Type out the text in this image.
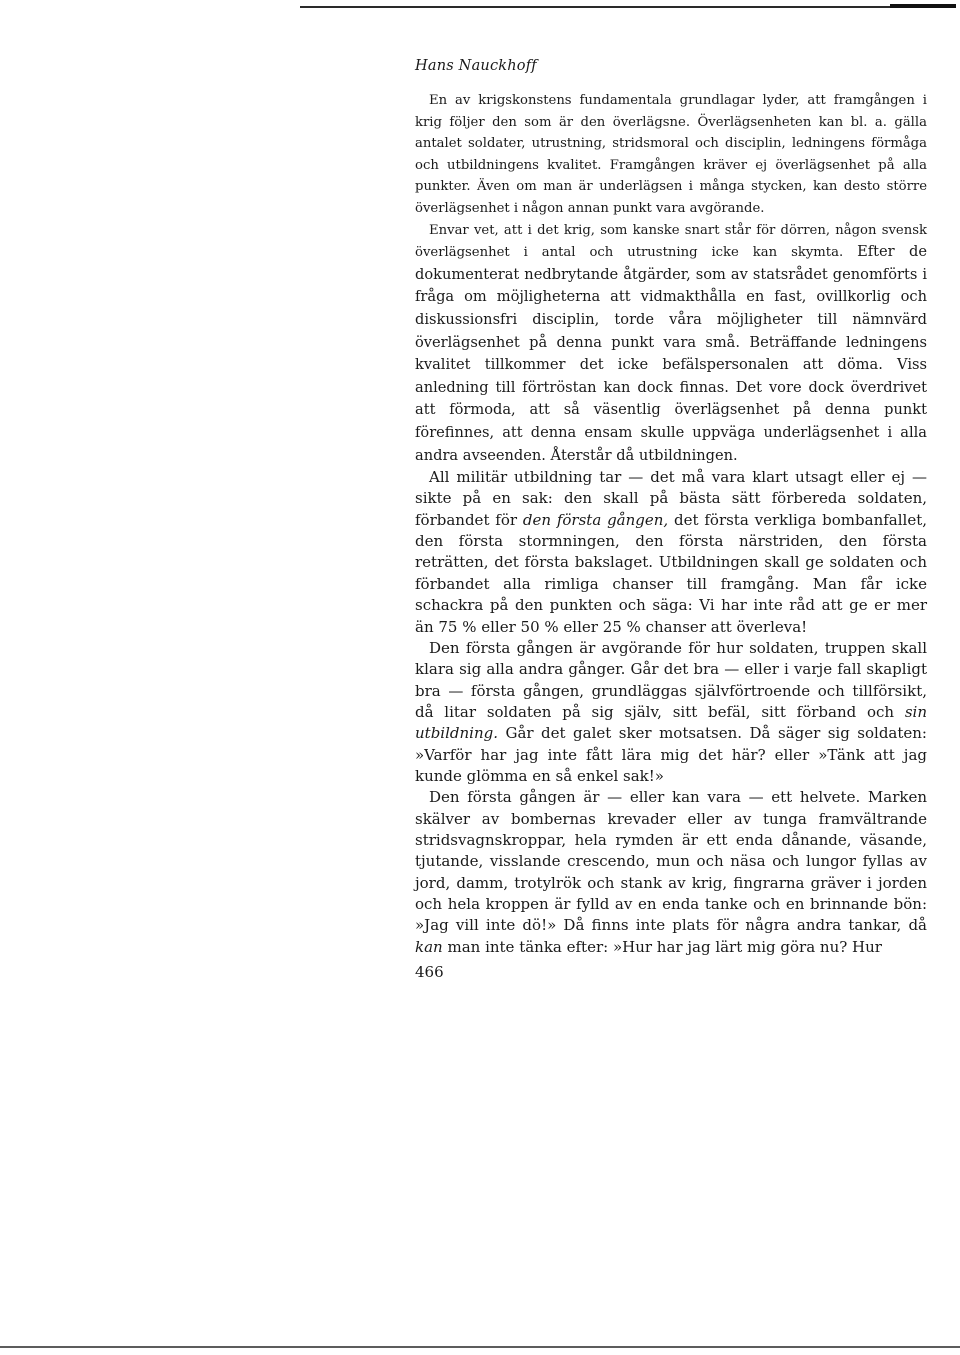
Hans Nauckhoff

En av krigskonstens fundamentala grundlagar lyder, att framgången i krig följer den som är den överlägsne. Överlägsenheten kan bl. a. gälla antalet soldater, utrustning, stridsmoral och disciplin, ledningens förmåga och utbildningens kvalitet. Framgången kräver ej överlägsenhet på alla punkter. Även om man är underlägsen i många stycken, kan desto större överlägsenhet i någon annan punkt vara avgörande.

Envar vet, att i det krig, som kanske snart står för dörren, någon svensk överlägsenhet i antal och utrustning icke kan skymta. Efter de dokumenterat nedbrytande åtgärder, som av statsrådet genomförts i fråga om möjligheterna att vidmakthålla en fast, ovillkorlig och diskussionsfri disciplin, torde våra möjligheter till nämnvärd överlägsenhet på denna punkt vara små. Beträffande ledningens kvalitet tillkommer det icke befälspersonalen att döma. Viss anledning till förtröstan kan dock finnas. Det vore dock överdrivet att förmoda, att så väsentlig överlägsenhet på denna punkt förefinnes, att denna ensam skulle uppväga underlägsenhet i alla andra avseenden. Återstår då utbildningen.

All militär utbildning tar — det må vara klart utsagt eller ej — sikte på en sak: den skall på bästa sätt förbereda soldaten, förbandet för den första gången, det första verkliga bombanfallet, den första stormningen, den första närstriden, den första reträtten, det första bakslaget. Utbildningen skall ge soldaten och förbandet alla rimliga chanser till framgång. Man får icke schackra på den punkten och säga: Vi har inte råd att ge er mer än 75 % eller 50 % eller 25 % chanser att överleva!

Den första gången är avgörande för hur soldaten, truppen skall klara sig alla andra gånger. Går det bra — eller i varje fall skapligt bra — första gången, grundläggas självförtroende och tillförsikt, då litar soldaten på sig själv, sitt befäl, sitt förband och sin utbildning. Går det galet sker motsatsen. Då säger sig soldaten: »Varför har jag inte fått lära mig det här? eller »Tänk att jag kunde glömma en så enkel sak!»

Den första gången är — eller kan vara — ett helvete. Marken skälver av bombernas krevader eller av tunga framvältrande stridsvagnskroppar, hela rymden är ett enda dånande, väsande, tjutande, visslande crescendo, mun och näsa och lungor fyllas av jord, damm, trotylrök och stank av krig, fingrarna gräver i jorden och hela kroppen är fylld av en enda tanke och en brinnande bön: »Jag vill inte dö!» Då finns inte plats för några andra tankar, då kan man inte tänka efter: »Hur har jag lärt mig göra nu? Hur

466
